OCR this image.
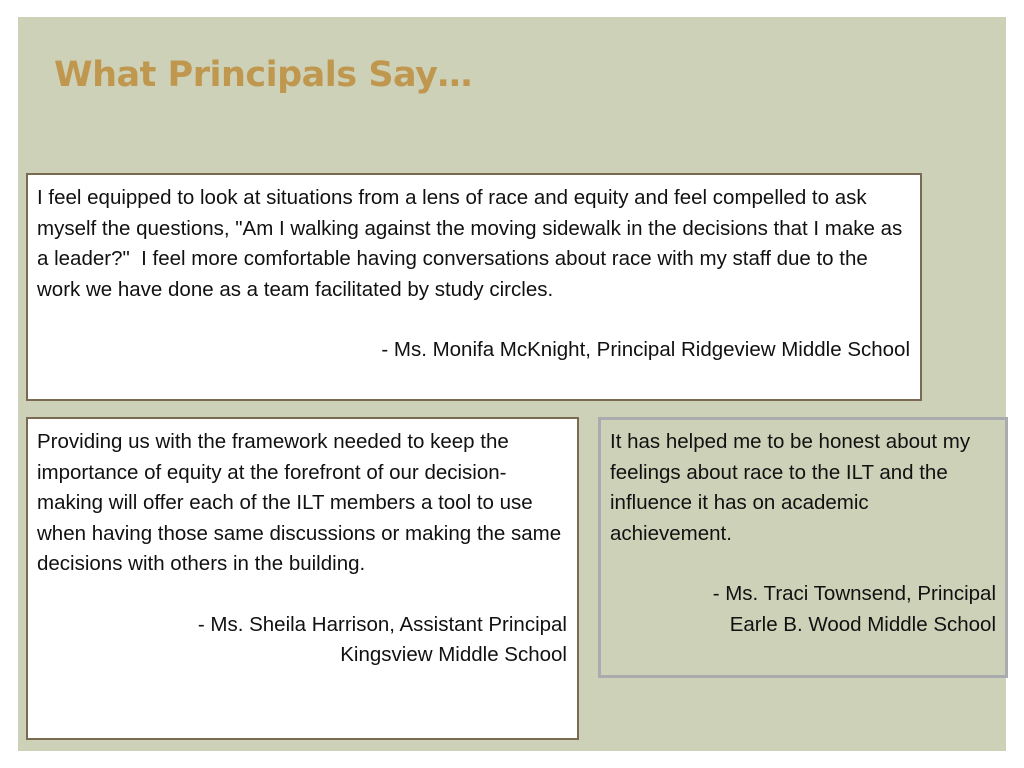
What Principals Say…

I feel equipped to look at situations from a lens of race and equity and feel compelled to ask myself the questions, "Am I walking against the moving sidewalk in the decisions that I make as a leader?"  I feel more comfortable having conversations about race with my staff due to the work we have done as a team facilitated by study circles.

- Ms. Monifa McKnight, Principal Ridgeview Middle School

Providing us with the framework needed to keep the importance of equity at the forefront of our decision-making will offer each of the ILT members a tool to use when having those same discussions or making the same decisions with others in the building.

- Ms. Sheila Harrison, Assistant Principal
Kingsview Middle School

It has helped me to be honest about my feelings about race to the ILT and the influence it has on academic achievement.

- Ms. Traci Townsend, Principal
Earle B. Wood Middle School
